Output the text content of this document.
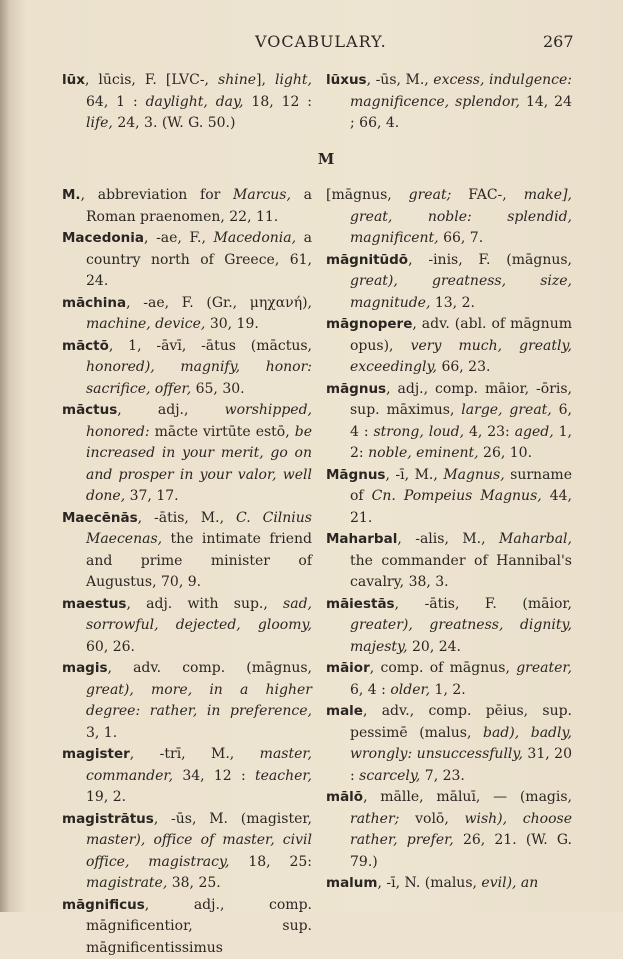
VOCABULARY.	267
lūx, lūcis, F. [LVC-, shine], light, 64, 1 : daylight, day, 18, 12 : life, 24, 3. (W. G. 50.)
lūxus, -ūs, M., excess, indulgence: magnificence, splendor, 14, 24 ; 66, 4.
M
M., abbreviation for Marcus, a Roman praenomen, 22, 11.
Macedonia, -ae, F., Macedonia, a country north of Greece, 61, 24.
māchina, -ae, F. (Gr., μηχανή), machine, device, 30, 19.
māctō, 1, -āvī, -ātus (māctus, honored), magnify, honor: sacrifice, offer, 65, 30.
māctus, adj., worshipped, honored: mācte virtūte estō, be increased in your merit, go on and prosper in your valor, well done, 37, 17.
Maecēnās, -ātis, M., C. Cilnius Maecenas, the intimate friend and prime minister of Augustus, 70, 9.
maestus, adj. with sup., sad, sorrowful, dejected, gloomy, 60, 26.
magis, adv. comp. (māgnus, great), more, in a higher degree: rather, in preference, 3, 1.
magister, -trī, M., master, commander, 34, 12 : teacher, 19, 2.
magistrātus, -ūs, M. (magister, master), office of master, civil office, magistracy, 18, 25: magistrate, 38, 25.
māgnificus, adj., comp. māgnificentior, sup. māgnificentissimus
[māgnus, great; FAC-, make], great, noble: splendid, magnificent, 66, 7.
māgnitūdō, -inis, F. (māgnus, great), greatness, size, magnitude, 13, 2.
māgnopere, adv. (abl. of māgnum opus), very much, greatly, exceedingly, 66, 23.
māgnus, adj., comp. māior, -ōris, sup. māximus, large, great, 6, 4 : strong, loud, 4, 23: aged, 1, 2: noble, eminent, 26, 10.
Māgnus, -ī, M., Magnus, surname of Cn. Pompeius Magnus, 44, 21.
Maharbal, -alis, M., Maharbal, the commander of Hannibal's cavalry, 38, 3.
māiestās, -ātis, F. (māior, greater), greatness, dignity, majesty, 20, 24.
māior, comp. of māgnus, greater, 6, 4 : older, 1, 2.
male, adv., comp. pēius, sup. pessimē (malus, bad), badly, wrongly: unsuccessfully, 31, 20 : scarcely, 7, 23.
mālō, mālle, māluī, — (magis, rather; volō, wish), choose rather, prefer, 26, 21. (W. G. 79.)
malum, -ī, N. (malus, evil), an
